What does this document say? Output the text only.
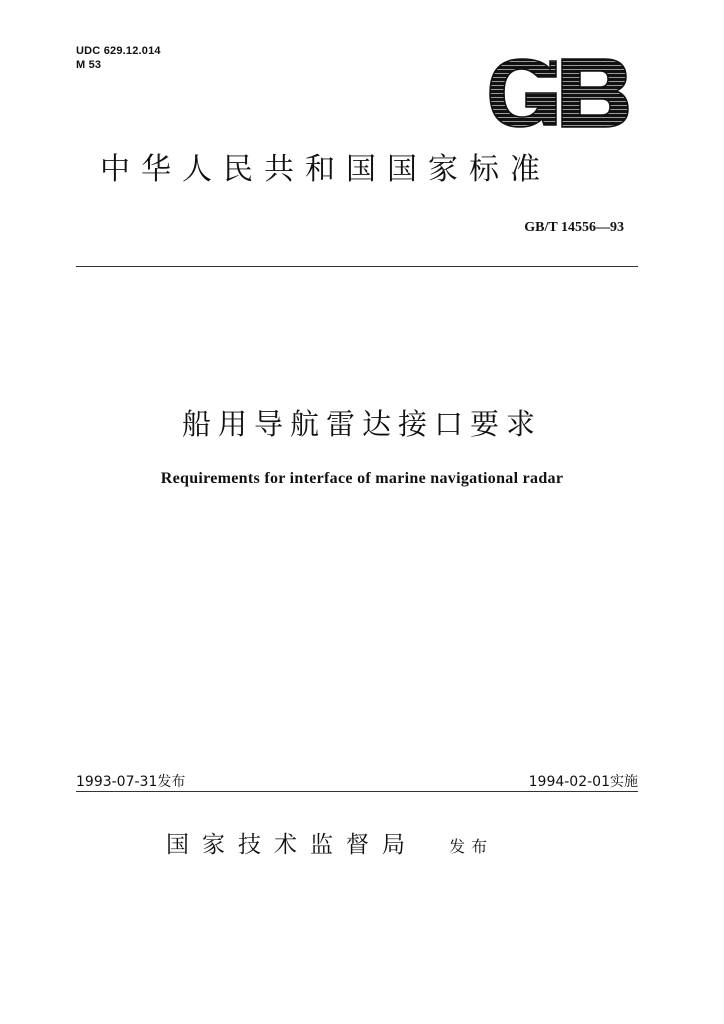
UDC 629.12.014
M 53
中华人民共和国国家标准
GB/T 14556—93
船用导航雷达接口要求
Requirements for interface of marine navigational radar
1993-07-31发布	1994-02-01实施
国家技术监督局 发布
